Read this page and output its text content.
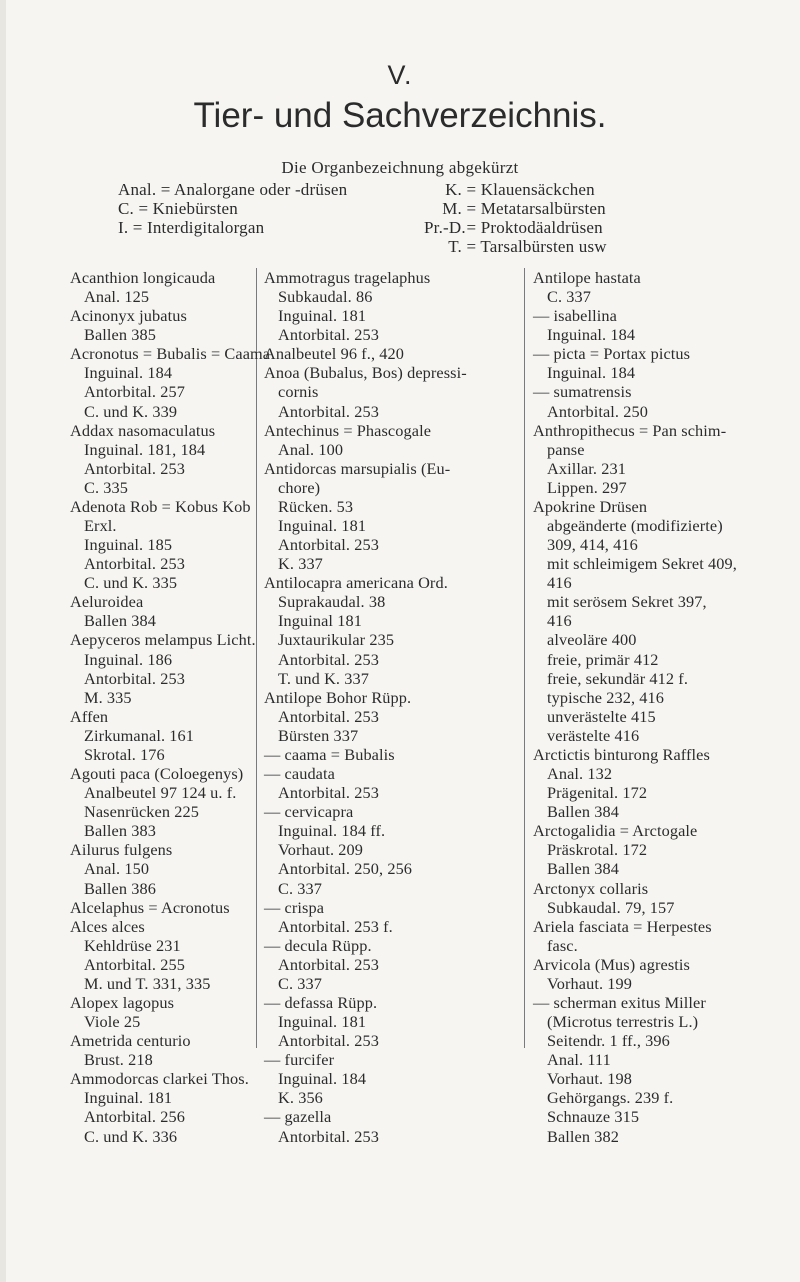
V.
Tier- und Sachverzeichnis.
Die Organbezeichnung abgekürzt
Anal. = Analorgane oder -drüsen
C. = Kniebürsten
I. = Interdigitalorgan
K. = Klauensäckchen
M. = Metatarsalbürsten
Pr.-D. = Proktodäaldrüsen
T. = Tarsalbürsten usw
Acanthion longicauda
Anal. 125
Acinonyx jubatus
Ballen 385
Acronotus = Bubalis = Caama
Inguinal. 184
Antorbital. 257
C. und K. 339
Addax nasomaculatus
Inguinal. 181, 184
Antorbital. 253
C. 335
Adenota Rob = Kobus Kob
Erxl.
Inguinal. 185
Antorbital. 253
C. und K. 335
Aeluroidea
Ballen 384
Aepyceros melampus Licht.
Inguinal. 186
Antorbital. 253
M. 335
Affen
Zirkumanal. 161
Skrotal. 176
Agouti paca (Coloegenys)
Analbeutel 97 124 u. f.
Nasenrücken 225
Ballen 383
Ailurus fulgens
Anal. 150
Ballen 386
Alcelaphus = Acronotus
Alces alces
Kehldrüse 231
Antorbital. 255
M. und T. 331, 335
Alopex lagopus
Viole 25
Ametrida centurio
Brust. 218
Ammodorcas clarkei Thos.
Inguinal. 181
Antorbital. 256
C. und K. 336
Ammotragus tragelaphus
Subkaudal. 86
Inguinal. 181
Antorbital. 253
Analbeutel 96 f., 420
Anoa (Bubalus, Bos) depressi-
cornis
Antorbital. 253
Antechinus = Phascogale
Anal. 100
Antidorcas marsupialis (Eu-
chore)
Rücken. 53
Inguinal. 181
Antorbital. 253
K. 337
Antilocapra americana Ord.
Suprakaudal. 38
Inguinal 181
Juxtaurikular 235
Antorbital. 253
T. und K. 337
Antilope Bohor Rüpp.
Antorbital. 253
Bürsten 337
— caama = Bubalis
— caudata
Antorbital. 253
— cervicapra
Inguinal. 184 ff.
Vorhaut. 209
Antorbital. 250, 256
C. 337
— crispa
Antorbital. 253 f.
— decula Rüpp.
Antorbital. 253
C. 337
— defassa Rüpp.
Inguinal. 181
Antorbital. 253
— furcifer
Inguinal. 184
K. 356
— gazella
Antorbital. 253
Antilope hastata
C. 337
— isabellina
Inguinal. 184
— picta = Portax pictus
Inguinal. 184
— sumatrensis
Antorbital. 250
Anthropithecus = Pan schim-
panse
Axillar. 231
Lippen. 297
Apokrine Drüsen
abgeänderte (modifizierte)
309, 414, 416
mit schleimigem Sekret 409,
416
mit serösem Sekret 397,
416
alveoläre 400
freie, primär 412
freie, sekundär 412 f.
typische 232, 416
unverästelte 415
verästelte 416
Arctictis binturong Raffles
Anal. 132
Prägenital. 172
Ballen 384
Arctogalidia = Arctogale
Präskrotal. 172
Ballen 384
Arctonyx collaris
Subkaudal. 79, 157
Ariela fasciata = Herpestes
fasc.
Arvicola (Mus) agrestis
Vorhaut. 199
— scherman exitus Miller
(Microtus terrestris L.)
Seitendr. 1 ff., 396
Anal. 111
Vorhaut. 198
Gehörgangs. 239 f.
Schnauze 315
Ballen 382
